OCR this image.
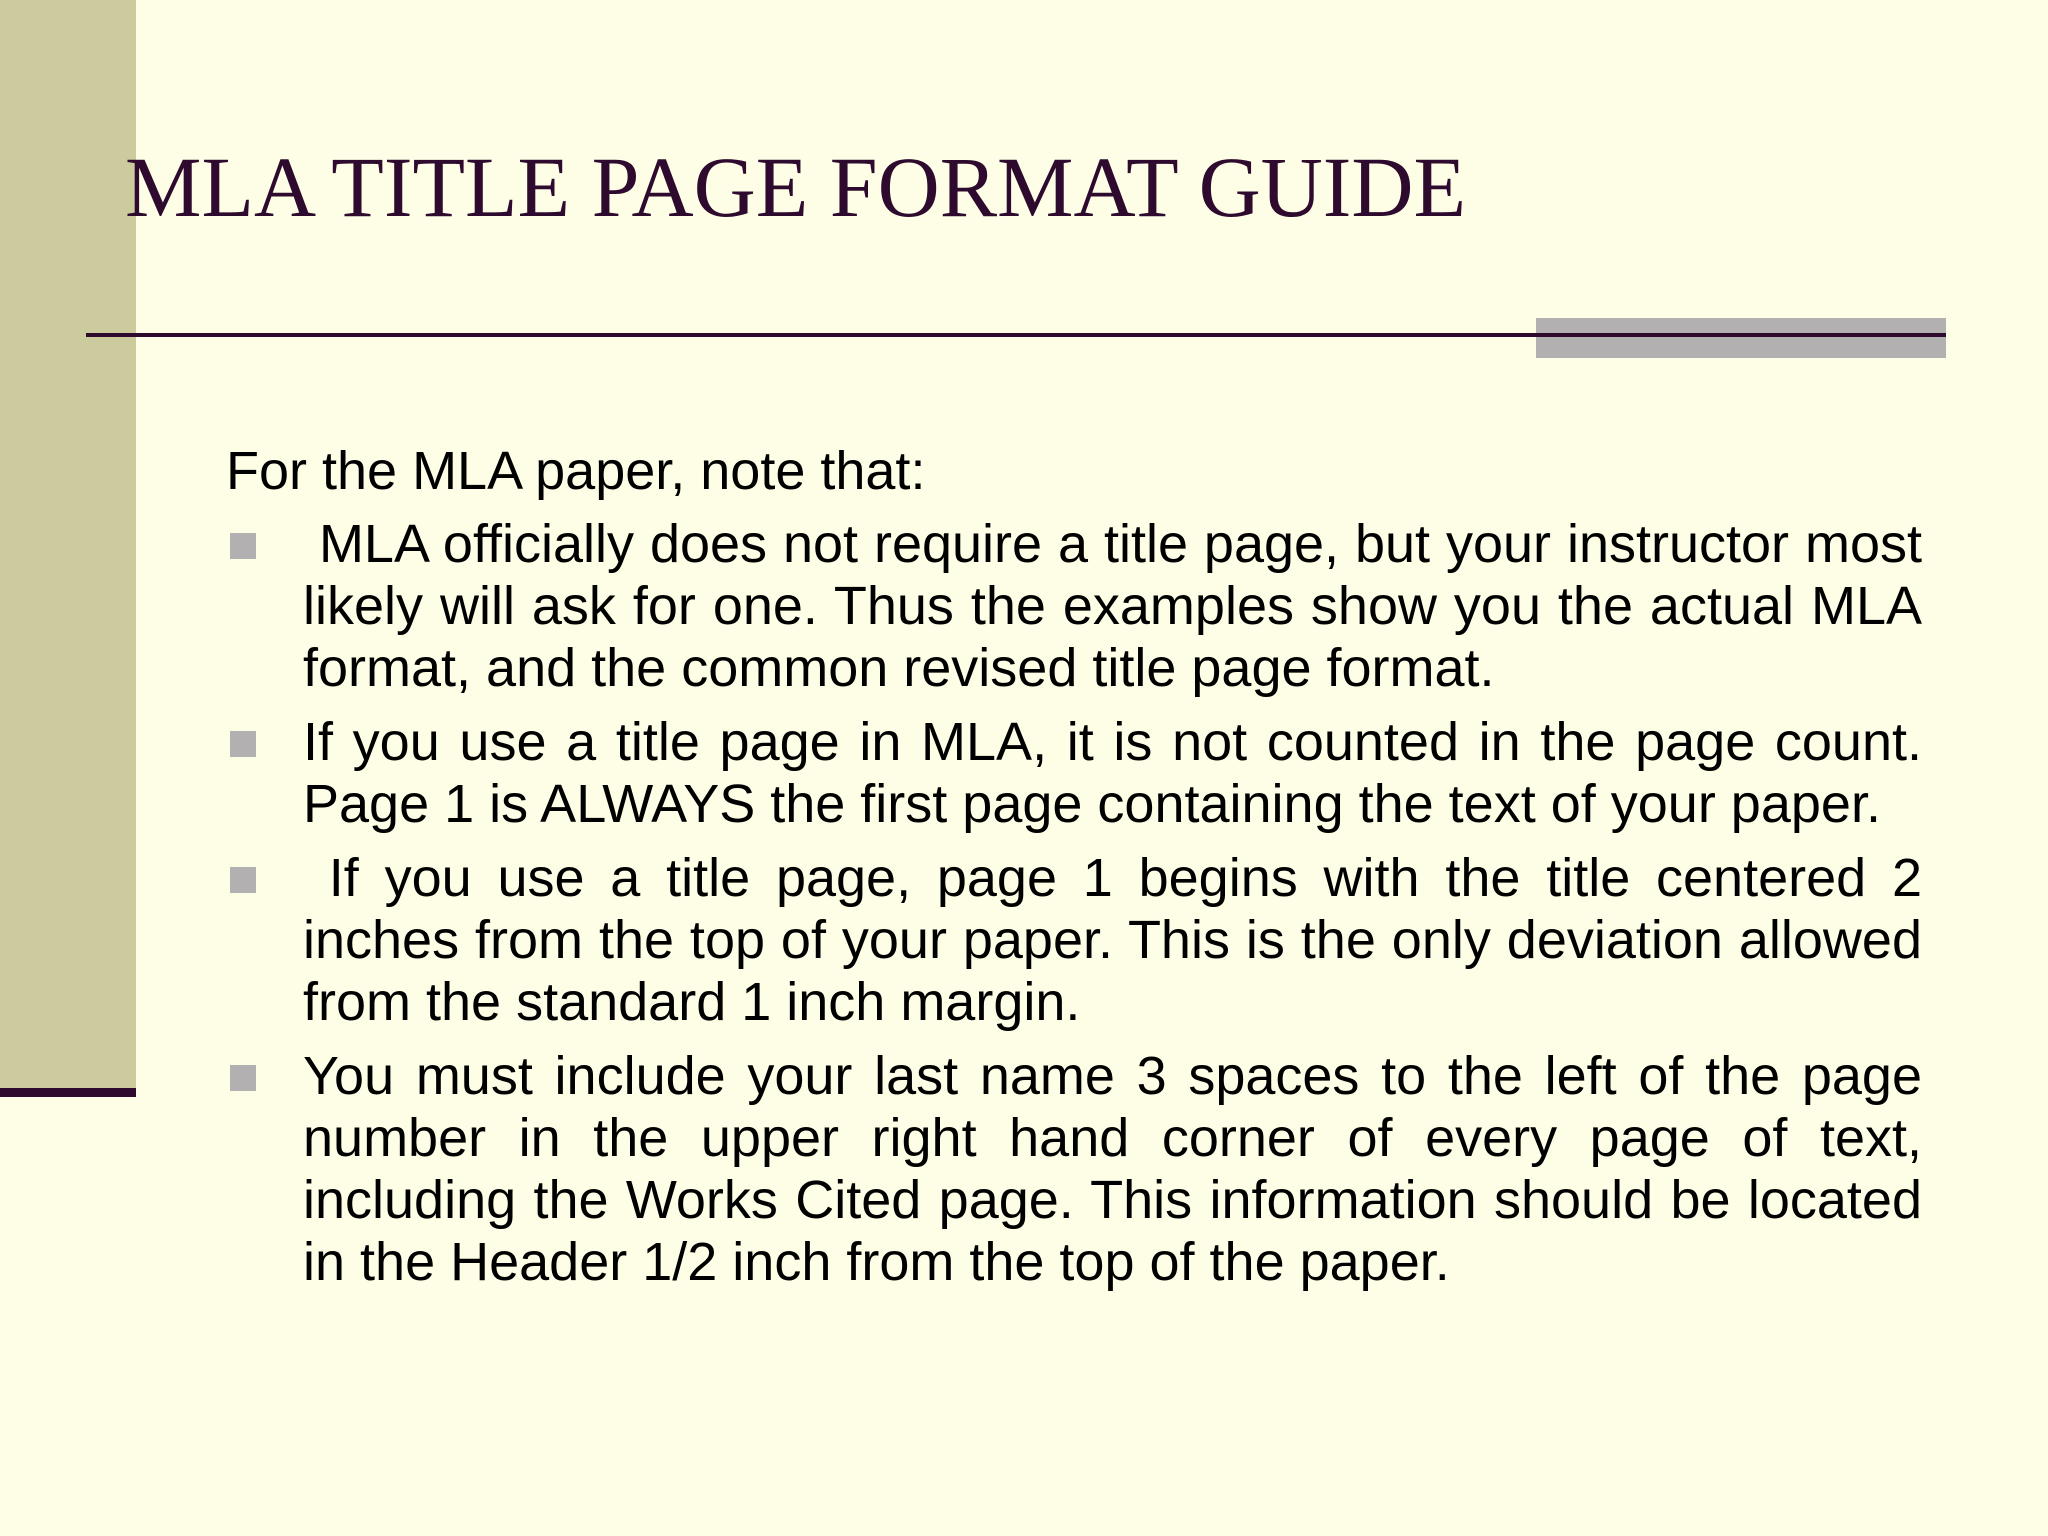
MLA TITLE PAGE FORMAT GUIDE

For the MLA paper, note that:

MLA officially does not require a title page, but your instructor most likely will ask for one. Thus the examples show you the actual MLA format, and the common revised title page format.
If you use a title page in MLA, it is not counted in the page count. Page 1 is ALWAYS the first page containing the text of your paper.
If you use a title page, page 1 begins with the title centered 2 inches from the top of your paper. This is the only deviation allowed from the standard 1 inch margin.
You must include your last name 3 spaces to the left of the page number in the upper right hand corner of every page of text, including the Works Cited page. This information should be located in the Header 1/2 inch from the top of the paper.
